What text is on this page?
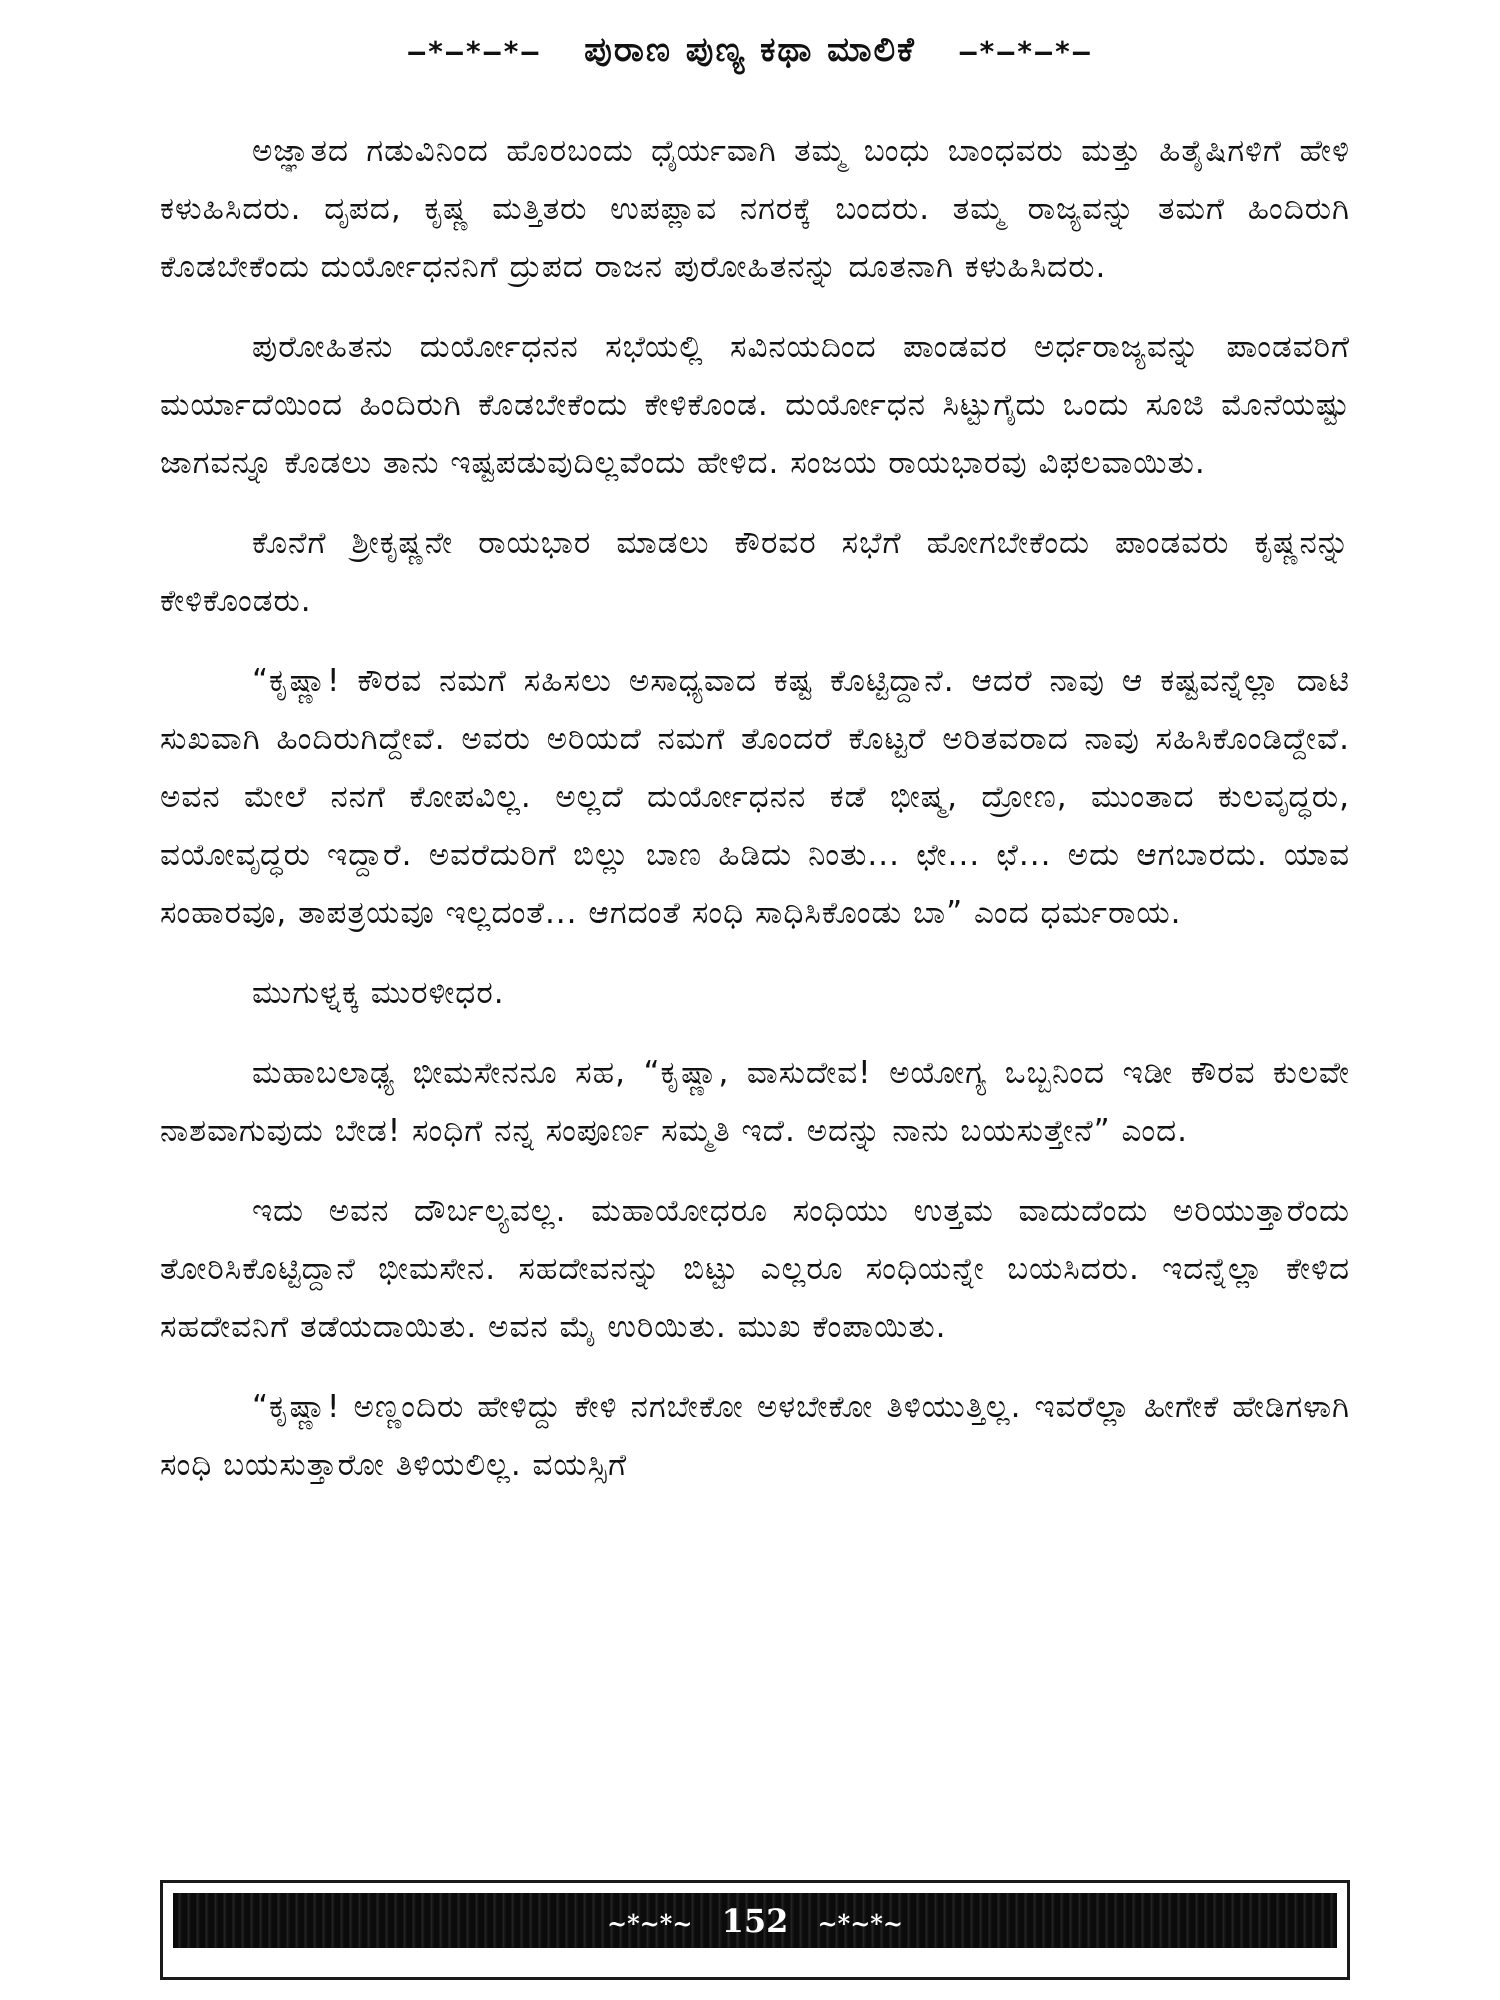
–*–*–*– ಪುರಾಣ ಪುಣ್ಯ ಕಥಾ ಮಾಲಿಕೆ –*–*–*–

ಅಜ್ಞಾತದ ಗಡುವಿನಿಂದ ಹೊರಬಂದು ಧೈರ್ಯವಾಗಿ ತಮ್ಮ ಬಂಧು ಬಾಂಧವರು ಮತ್ತು ಹಿತೈಷಿಗಳಿಗೆ ಹೇಳಿ ಕಳುಹಿಸಿದರು. ದೃಪದ, ಕೃಷ್ಣ ಮತ್ತಿತರು ಉಪಪ್ಲಾವ ನಗರಕ್ಕೆ ಬಂದರು. ತಮ್ಮ ರಾಜ್ಯವನ್ನು ತಮಗೆ ಹಿಂದಿರುಗಿ ಕೊಡಬೇಕೆಂದು ದುರ್ಯೋಧನನಿಗೆ ದ್ರುಪದ ರಾಜನ ಪುರೋಹಿತನನ್ನು ದೂತನಾಗಿ ಕಳುಹಿಸಿದರು.

ಪುರೋಹಿತನು ದುರ್ಯೋಧನನ ಸಭೆಯಲ್ಲಿ ಸವಿನಯದಿಂದ ಪಾಂಡವರ ಅರ್ಧರಾಜ್ಯವನ್ನು ಪಾಂಡವರಿಗೆ ಮರ್ಯಾದೆಯಿಂದ ಹಿಂದಿರುಗಿ ಕೊಡಬೇಕೆಂದು ಕೇಳಿಕೊಂಡ. ದುರ್ಯೋಧನ ಸಿಟ್ಟುಗೈದು ಒಂದು ಸೂಜಿ ಮೊನೆಯಷ್ಟು ಜಾಗವನ್ನೂ ಕೊಡಲು ತಾನು ಇಷ್ಟಪಡುವುದಿಲ್ಲವೆಂದು ಹೇಳಿದ. ಸಂಜಯ ರಾಯಭಾರವು ವಿಫಲವಾಯಿತು.

ಕೊನೆಗೆ ಶ್ರೀಕೃಷ್ಣನೇ ರಾಯಭಾರ ಮಾಡಲು ಕೌರವರ ಸಭೆಗೆ ಹೋಗಬೇಕೆಂದು ಪಾಂಡವರು ಕೃಷ್ಣನನ್ನು ಕೇಳಿಕೊಂಡರು.

“ಕೃಷ್ಣಾ! ಕೌರವ ನಮಗೆ ಸಹಿಸಲು ಅಸಾಧ್ಯವಾದ ಕಷ್ಟ ಕೊಟ್ಟಿದ್ದಾನೆ. ಆದರೆ ನಾವು ಆ ಕಷ್ಟವನ್ನೆಲ್ಲಾ ದಾಟಿ ಸುಖವಾಗಿ ಹಿಂದಿರುಗಿದ್ದೇವೆ. ಅವರು ಅರಿಯದೆ ನಮಗೆ ತೊಂದರೆ ಕೊಟ್ಟರೆ ಅರಿತವರಾದ ನಾವು ಸಹಿಸಿಕೊಂಡಿದ್ದೇವೆ. ಅವನ ಮೇಲೆ ನನಗೆ ಕೋಪವಿಲ್ಲ. ಅಲ್ಲದೆ ದುರ್ಯೋಧನನ ಕಡೆ ಭೀಷ್ಮ, ದ್ರೋಣ, ಮುಂತಾದ ಕುಲವೃದ್ಧರು, ವಯೋವೃದ್ಧರು ಇದ್ದಾರೆ. ಅವರೆದುರಿಗೆ ಬಿಲ್ಲು ಬಾಣ ಹಿಡಿದು ನಿಂತು... ಛೇ... ಛೆ... ಅದು ಆಗಬಾರದು. ಯಾವ ಸಂಹಾರವೂ, ತಾಪತ್ರಯವೂ ಇಲ್ಲದಂತೆ... ಆಗದಂತೆ ಸಂಧಿ ಸಾಧಿಸಿಕೊಂಡು ಬಾ” ಎಂದ ಧರ್ಮರಾಯ.

ಮುಗುಳ್ನಕ್ಕ ಮುರಳೀಧರ.

ಮಹಾಬಲಾಢ್ಯ ಭೀಮಸೇನನೂ ಸಹ, “ಕೃಷ್ಣಾ, ವಾಸುದೇವ! ಅಯೋಗ್ಯ ಒಬ್ಬನಿಂದ ಇಡೀ ಕೌರವ ಕುಲವೇ ನಾಶವಾಗುವುದು ಬೇಡ! ಸಂಧಿಗೆ ನನ್ನ ಸಂಪೂರ್ಣ ಸಮ್ಮತಿ ಇದೆ. ಅದನ್ನು ನಾನು ಬಯಸುತ್ತೇನೆ” ಎಂದ.

ಇದು ಅವನ ದೌರ್ಬಲ್ಯವಲ್ಲ. ಮಹಾಯೋಧರೂ ಸಂಧಿಯು ಉತ್ತಮ ವಾದುದೆಂದು ಅರಿಯುತ್ತಾರೆಂದು ತೋರಿಸಿಕೊಟ್ಟಿದ್ದಾನೆ ಭೀಮಸೇನ. ಸಹದೇವನನ್ನು ಬಿಟ್ಟು ಎಲ್ಲರೂ ಸಂಧಿಯನ್ನೇ ಬಯಸಿದರು. ಇದನ್ನೆಲ್ಲಾ ಕೇಳಿದ ಸಹದೇವನಿಗೆ ತಡೆಯದಾಯಿತು. ಅವನ ಮೈ ಉರಿಯಿತು. ಮುಖ ಕೆಂಪಾಯಿತು.

“ಕೃಷ್ಣಾ! ಅಣ್ಣಂದಿರು ಹೇಳಿದ್ದು ಕೇಳಿ ನಗಬೇಕೋ ಅಳಬೇಕೋ ತಿಳಿಯುತ್ತಿಲ್ಲ. ಇವರೆಲ್ಲಾ ಹೀಗೇಕೆ ಹೇಡಿಗಳಾಗಿ ಸಂಧಿ ಬಯಸುತ್ತಾರೋ ತಿಳಿಯಲಿಲ್ಲ. ವಯಸ್ಸಿಗೆ

~*~*~ 152 ~*~*~
